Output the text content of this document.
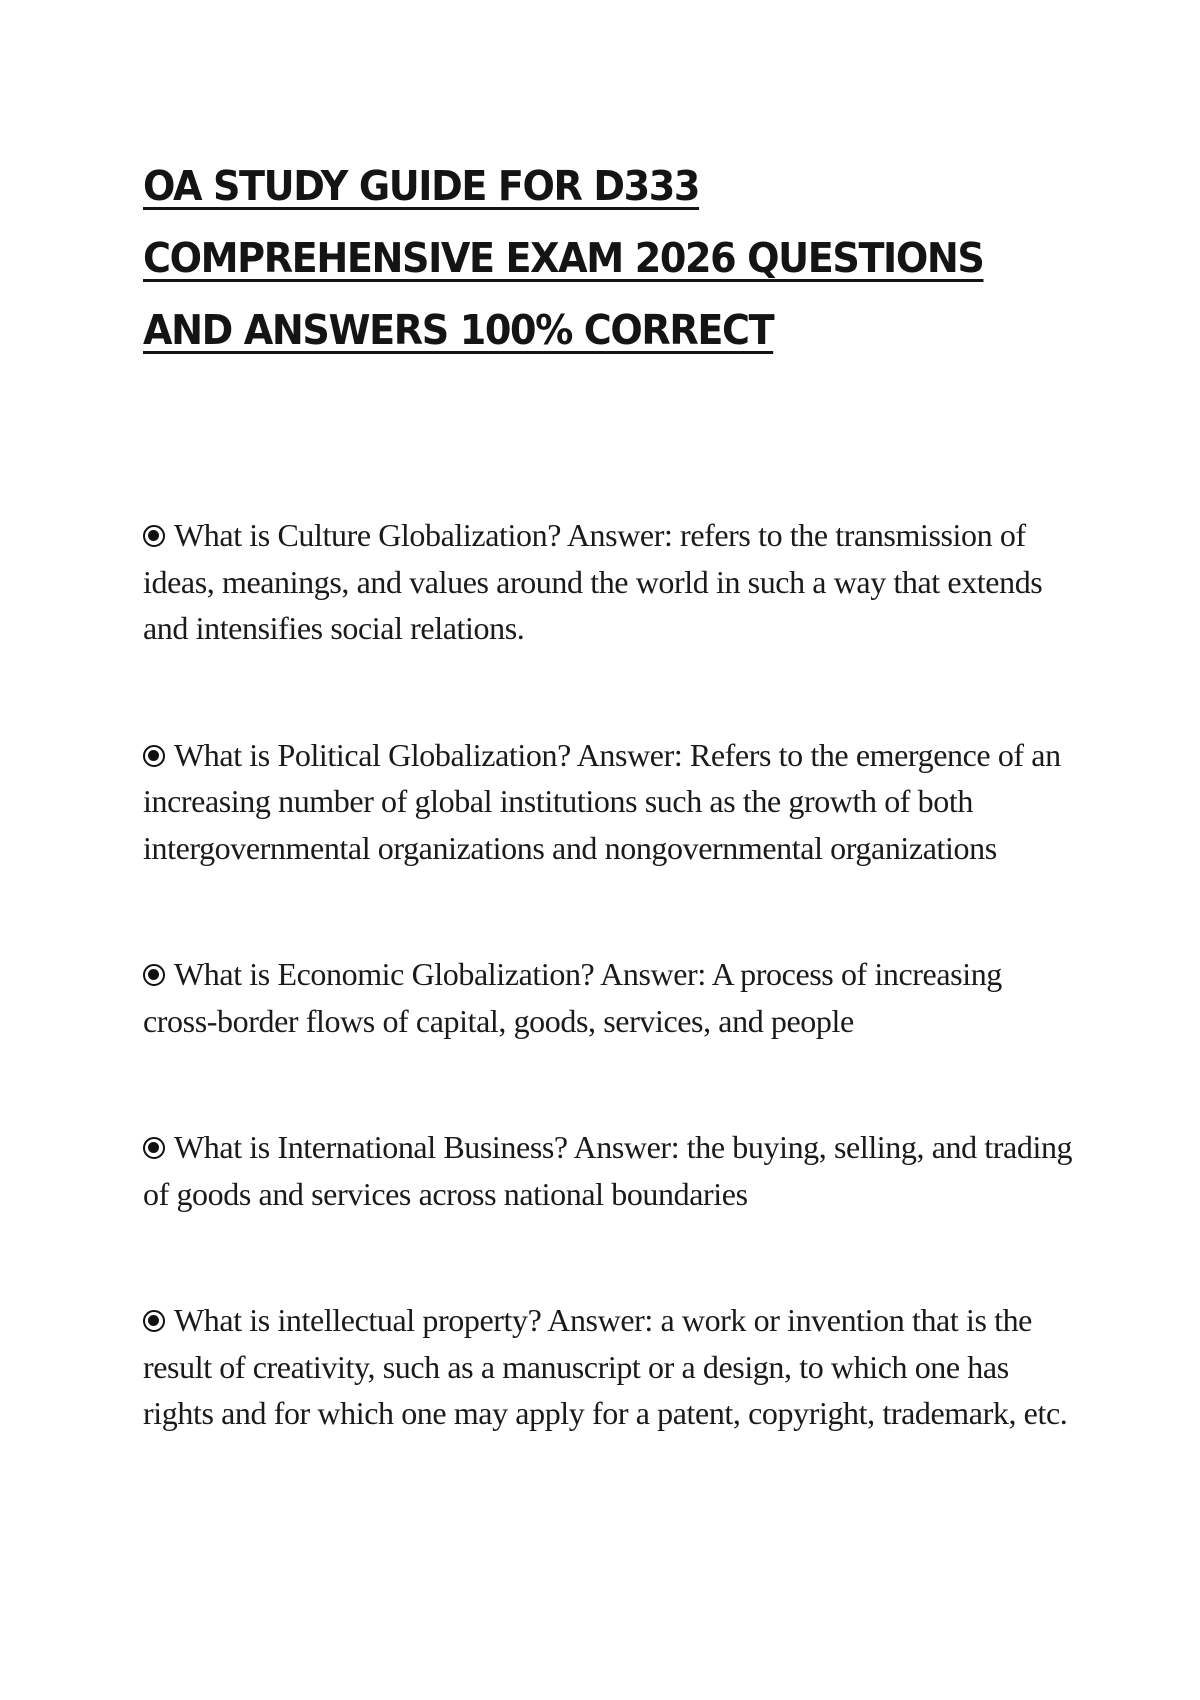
OA STUDY GUIDE FOR D333 COMPREHENSIVE EXAM 2026 QUESTIONS AND ANSWERS 100% CORRECT
What is Culture Globalization? Answer: refers to the transmission of ideas, meanings, and values around the world in such a way that extends and intensifies social relations.
What is Political Globalization? Answer: Refers to the emergence of an increasing number of global institutions such as the growth of both intergovernmental organizations and nongovernmental organizations
What is Economic Globalization? Answer: A process of increasing cross-border flows of capital, goods, services, and people
What is International Business? Answer: the buying, selling, and trading of goods and services across national boundaries
What is intellectual property? Answer: a work or invention that is the result of creativity, such as a manuscript or a design, to which one has rights and for which one may apply for a patent, copyright, trademark, etc.
